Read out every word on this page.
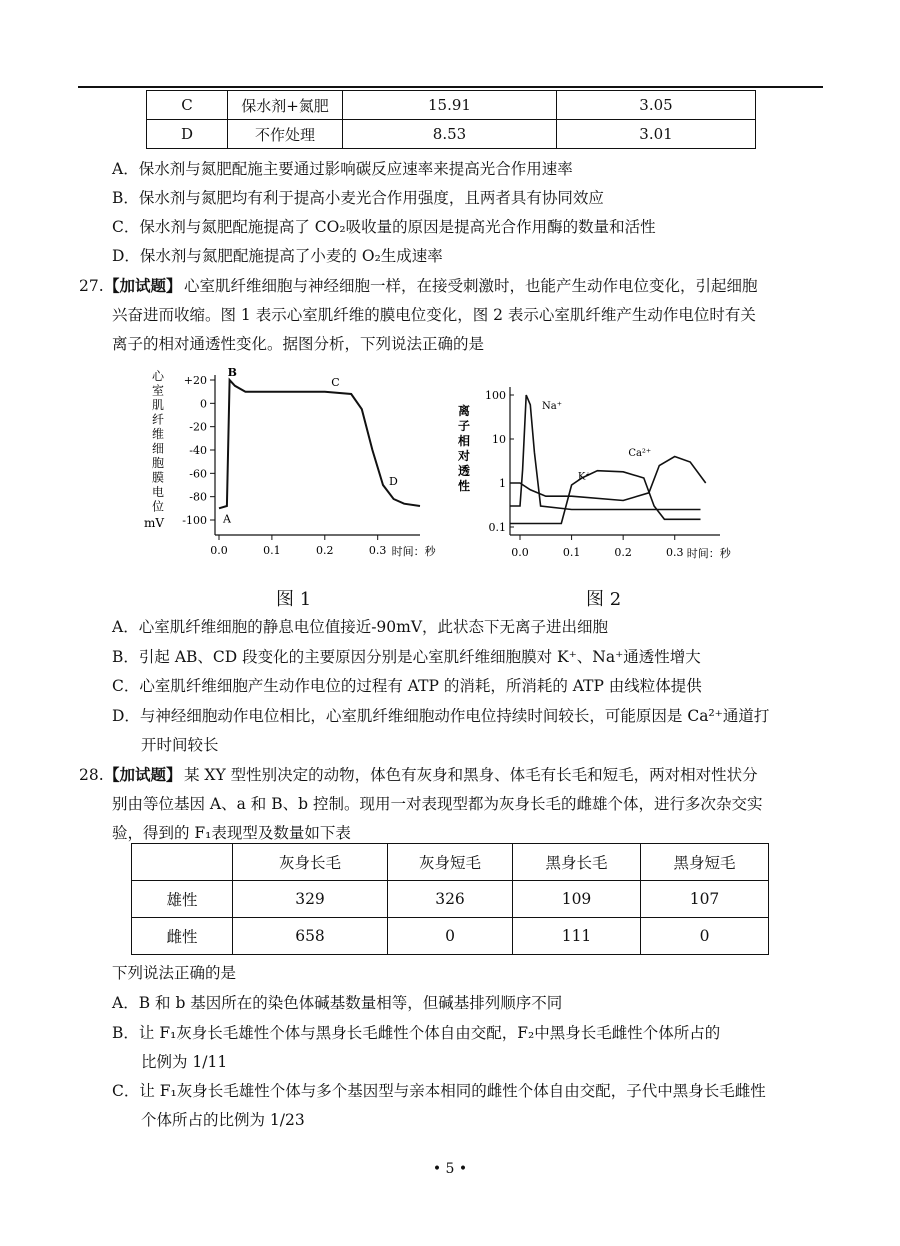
C	保水剂+氮肥	15.91	3.05
D	不作处理	8.53	3.01
A．保水剂与氮肥配施主要通过影响碳反应速率来提高光合作用速率
B．保水剂与氮肥均有利于提高小麦光合作用强度，且两者具有协同效应
C．保水剂与氮肥配施提高了 CO₂吸收量的原因是提高光合作用酶的数量和活性
D．保水剂与氮肥配施提高了小麦的 O₂生成速率
27. 【加试题】 心室肌纤维细胞与神经细胞一样，在接受刺激时，也能产生动作电位变化，引起细胞
兴奋进而收缩。图 1 表示心室肌纤维的膜电位变化，图 2 表示心室肌纤维产生动作电位时有关
离子的相对通透性变化。据图分析，下列说法正确的是
心
室
肌
纤
维
细
胞
膜
电
位
mV
+20
0
-20
-40
-60
-80
-100
0.0	0.1	0.2	0.3 时间：秒
A
B
C
D
图 1
离
子
相
对
透
性
100
10
1
0.1
0.0	0.1	0.2	0.3
Na⁺
Ca²⁺
K⁺
时间：秒
图 2
A．心室肌纤维细胞的静息电位值接近-90mV，此状态下无离子进出细胞
B．引起 AB、CD 段变化的主要原因分别是心室肌纤维细胞膜对 K⁺、Na⁺通透性增大
C．心室肌纤维细胞产生动作电位的过程有 ATP 的消耗，所消耗的 ATP 由线粒体提供
D．与神经细胞动作电位相比，心室肌纤维细胞动作电位持续时间较长，可能原因是 Ca²⁺通道打
开时间较长
28. 【加试题】 某 XY 型性别决定的动物，体色有灰身和黑身、体毛有长毛和短毛，两对相对性状分
别由等位基因 A、a 和 B、b 控制。现用一对表现型都为灰身长毛的雌雄个体，进行多次杂交实
验，得到的 F₁表现型及数量如下表
	灰身长毛	灰身短毛	黑身长毛	黑身短毛
雄性	329	326	109	107
雌性	658	0	111	0
下列说法正确的是
A．B 和 b 基因所在的染色体碱基数量相等，但碱基排列顺序不同
B．让 F₁灰身长毛雄性个体与黑身长毛雌性个体自由交配，F₂中黑身长毛雌性个体所占的
比例为 1/11
C．让 F₁灰身长毛雄性个体与多个基因型与亲本相同的雌性个体自由交配，子代中黑身长毛雌性
个体所占的比例为 1/23
• 5 •
